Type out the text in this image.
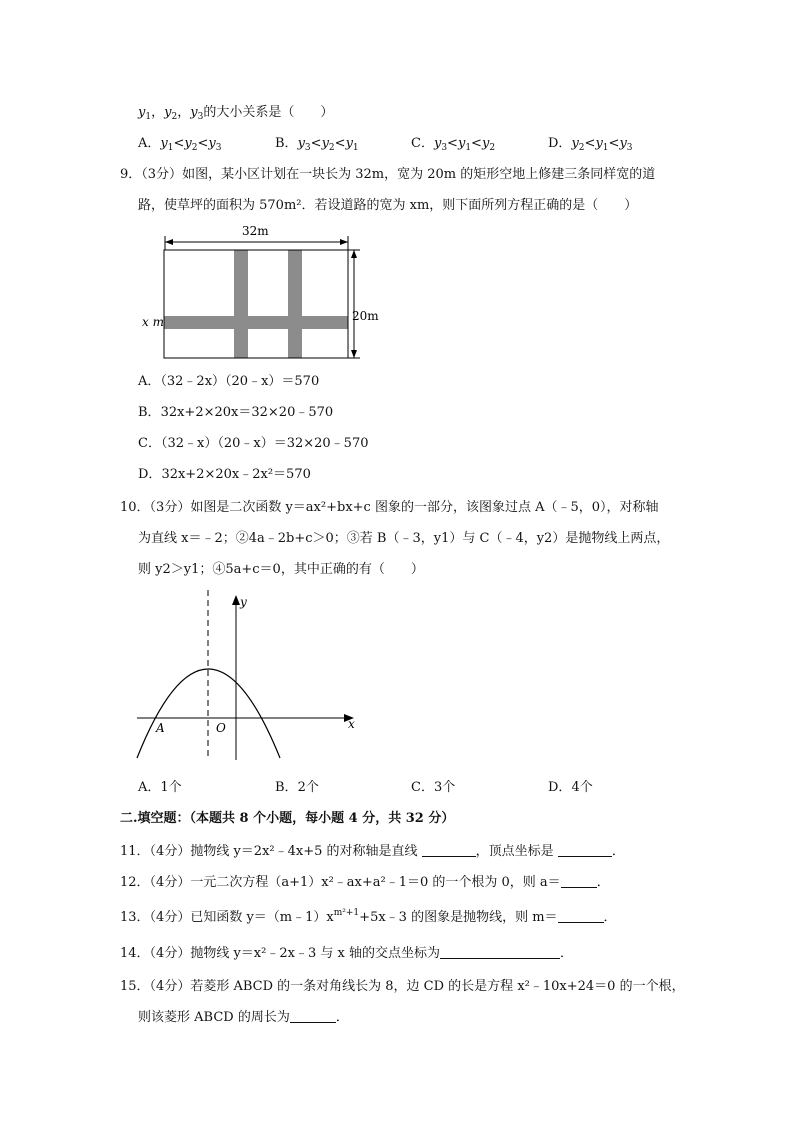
$y_1$，$y_2$，$y_3$的大小关系是（　　）
A．$y_1<y_2<y_3$	B．$y_3<y_2<y_1$	C．$y_3<y_1<y_2$	D．$y_2<y_1<y_3$
9．（3分）如图，某小区计划在一块长为 32m，宽为 20m 的矩形空地上修建三条同样宽的道
路，使草坪的面积为 570m²．若设道路的宽为 xm，则下面所列方程正确的是（　　）
32m
20m
x m
A．（32﹣2x）（20﹣x）＝570
B．32x+2×20x＝32×20﹣570
C．（32﹣x）（20﹣x）＝32×20﹣570
D．32x+2×20x﹣2x²＝570
10．（3分）如图是二次函数 y＝ax²+bx+c 图象的一部分，该图象过点 A（﹣5，0），对称轴
为直线 x＝﹣2；②4a﹣2b+c＞0；③若 B（﹣3，y1）与 C（﹣4，y2）是抛物线上两点，
则 y2＞y1；④5a+c＝0，其中正确的有（　　）
x
y
A	O
A．1个	B．2个	C．3个	D．4个
二.填空题：（本题共 8 个小题，每小题 4 分，共 32 分）
11．（4分）抛物线 y＝2x²﹣4x+5 的对称轴是直线	，顶点坐标是	．
12．（4分）一元二次方程（a+1）x²﹣ax+a²﹣1＝0 的一个根为 0，则 a＝	．
13．（4分）已知函数 $y=(m﹣1)x^{m^2+1}+5x﹣3$ 的图象是抛物线，则 m＝	．
14．（4分）抛物线 y＝x²﹣2x﹣3 与 x 轴的交点坐标为	．
15．（4分）若菱形 ABCD 的一条对角线长为 8，边 CD 的长是方程 x²﹣10x+24＝0 的一个根，
则该菱形 ABCD 的周长为	．
